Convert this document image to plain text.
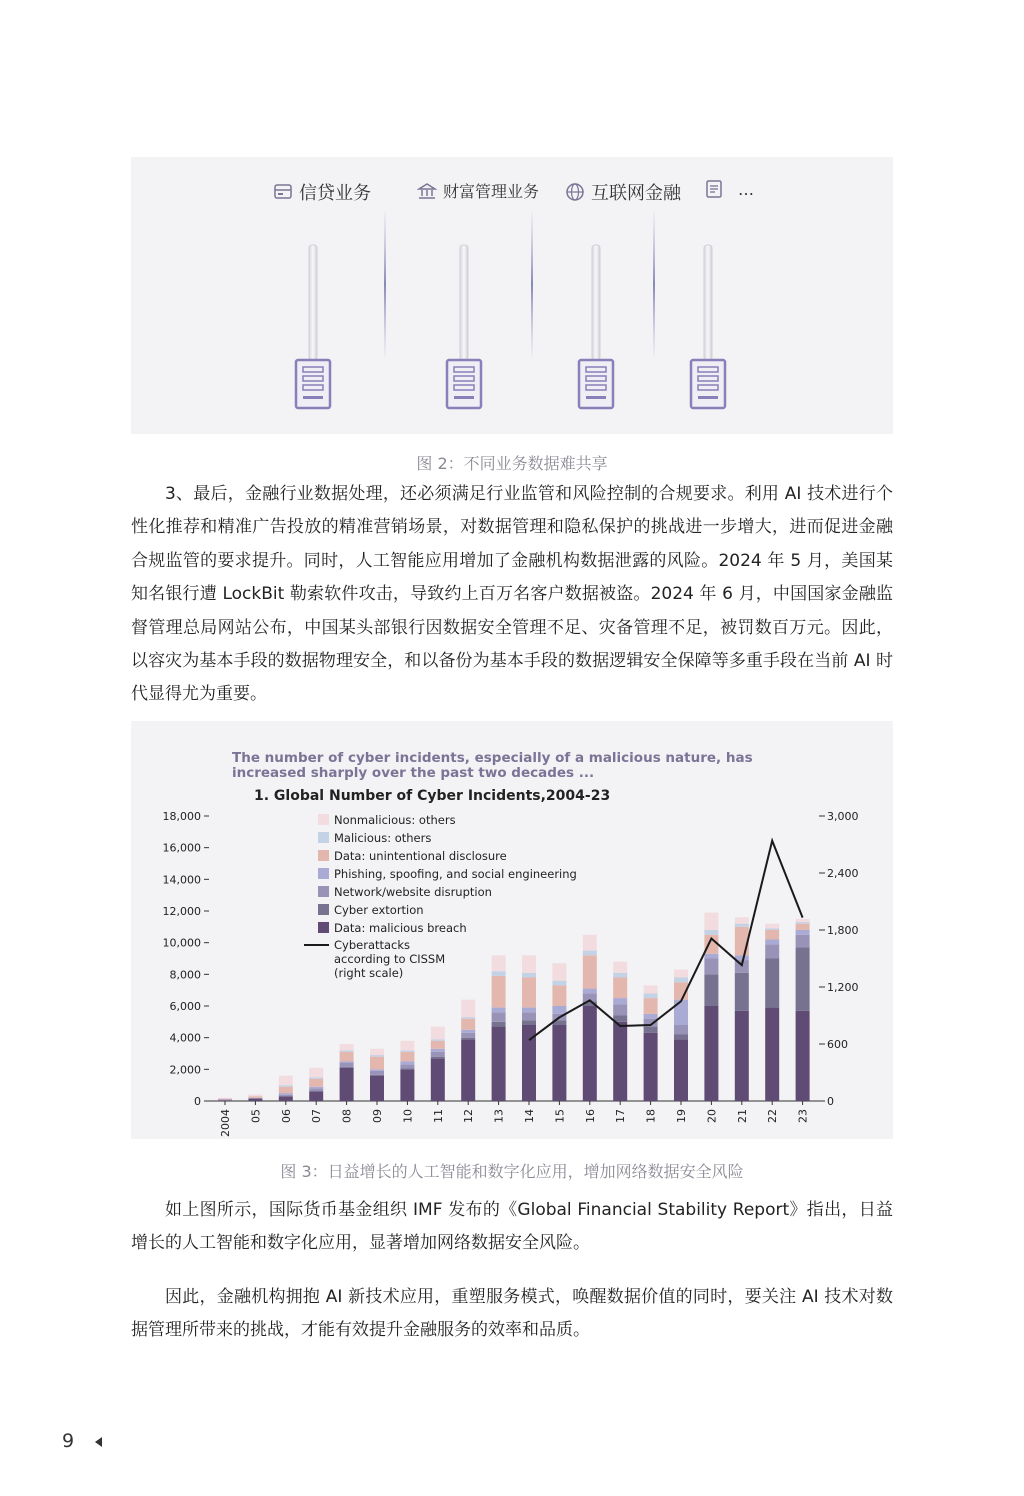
信贷业务	财富管理业务	互联网金融	…
图 2：不同业务数据难共享

3、最后，金融行业数据处理，还必须满足行业监管和风险控制的合规要求。利用 AI 技术进行个性化推荐和精准广告投放的精准营销场景，对数据管理和隐私保护的挑战进一步增大，进而促进金融合规监管的要求提升。同时，人工智能应用增加了金融机构数据泄露的风险。2024 年 5 月，美国某知名银行遭 LockBit 勒索软件攻击，导致约上百万名客户数据被盗。2024 年 6 月，中国国家金融监督管理总局网站公布，中国某头部银行因数据安全管理不足、灾备管理不足，被罚数百万元。因此，以容灾为基本手段的数据物理安全，和以备份为基本手段的数据逻辑安全保障等多重手段在当前 AI 时代显得尤为重要。

The number of cyber incidents, especially of a malicious nature, has
increased sharply over the past two decades ...
1. Global Number of Cyber Incidents,2004-23
0
2,000
4,000
6,000
8,000
10,000
12,000
14,000
16,000
18,000
0
600
1,200
1,800
2,400
3,000
2004 05 06 07 08 09 10 11 12 13 14 15 16 17 18 19 20 21 22 23
Nonmalicious: others
Malicious: others
Data: unintentional disclosure
Phishing, spoofing, and social engineering
Network/website disruption
Cyber extortion
Data: malicious breach
Cyberattacks
according to CISSM
(right scale)
图 3：日益增长的人工智能和数字化应用，增加网络数据安全风险

如上图所示，国际货币基金组织 IMF 发布的《Global Financial Stability Report》指出，日益增长的人工智能和数字化应用，显著增加网络数据安全风险。

因此，金融机构拥抱 AI 新技术应用，重塑服务模式，唤醒数据价值的同时，要关注 AI 技术对数据管理所带来的挑战，才能有效提升金融服务的效率和品质。

9
